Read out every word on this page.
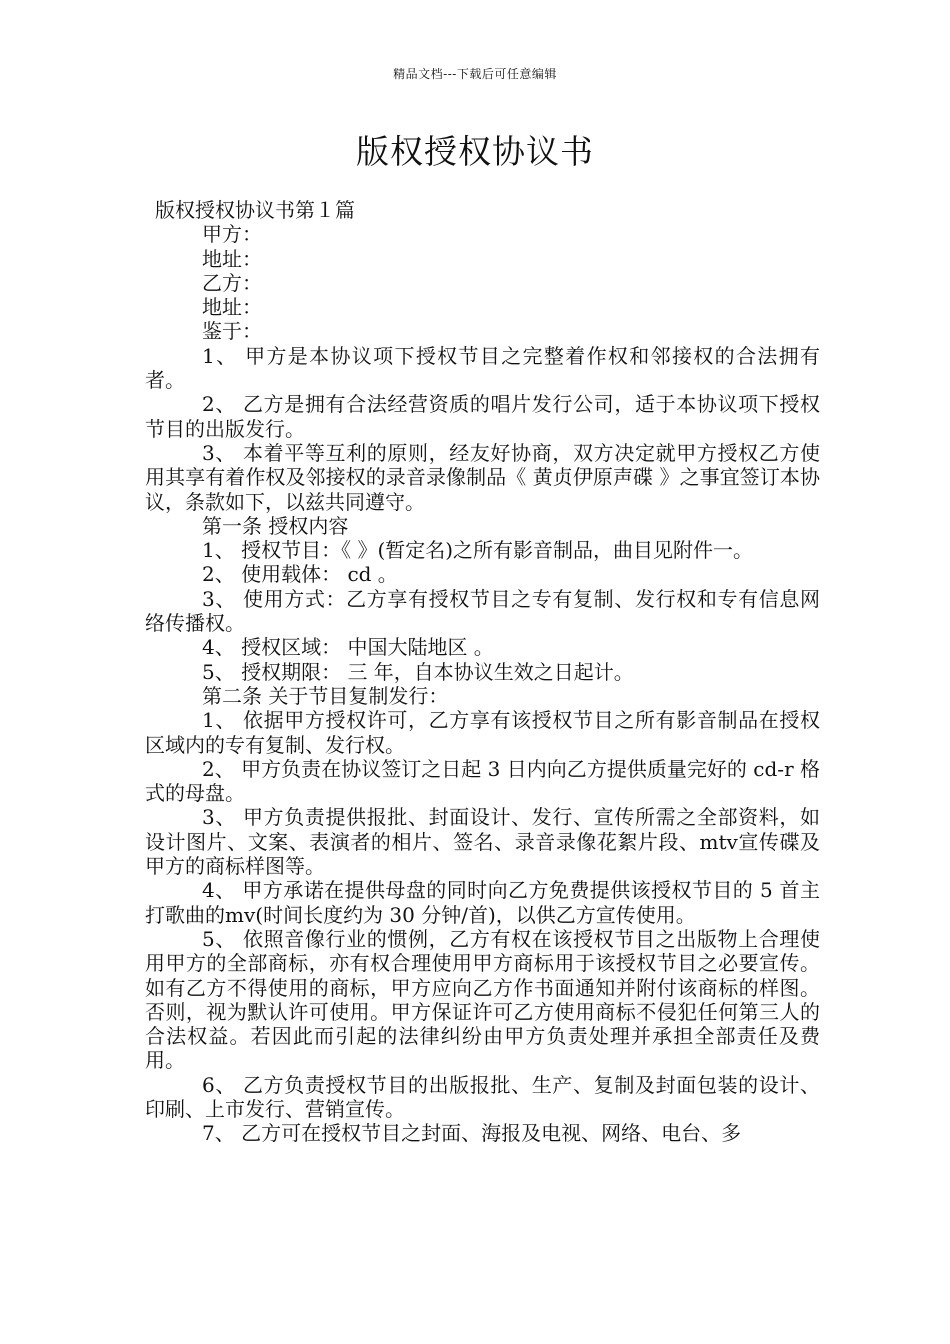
精品文档---下载后可任意编辑
版权授权协议书

版权授权协议书第１篇

甲方：

地址：

乙方：

地址：

鉴于：

1、 甲方是本协议项下授权节目之完整着作权和邻接权的合法拥有者。

2、 乙方是拥有合法经营资质的唱片发行公司，适于本协议项下授权节目的出版发行。

3、 本着平等互利的原则，经友好协商，双方决定就甲方授权乙方使用其享有着作权及邻接权的录音录像制品《 黄贞伊原声碟 》之事宜签订本协议，条款如下，以兹共同遵守。

第一条 授权内容

1、 授权节目：《 》(暂定名)之所有影音制品，曲目见附件一。

2、 使用载体： cd 。

3、 使用方式：乙方享有授权节目之专有复制、发行权和专有信息网络传播权。

4、 授权区域： 中国大陆地区 。

5、 授权期限： 三 年，自本协议生效之日起计。

第二条 关于节目复制发行：

1、 依据甲方授权许可，乙方享有该授权节目之所有影音制品在授权区域内的专有复制、发行权。

2、 甲方负责在协议签订之日起 3 日内向乙方提供质量完好的 cd-r 格式的母盘。

3、 甲方负责提供报批、封面设计、发行、宣传所需之全部资料，如设计图片、文案、表演者的相片、签名、录音录像花絮片段、mtv宣传碟及甲方的商标样图等。

4、 甲方承诺在提供母盘的同时向乙方免费提供该授权节目的 5 首主打歌曲的mv(时间长度约为 30 分钟/首)，以供乙方宣传使用。

5、 依照音像行业的惯例，乙方有权在该授权节目之出版物上合理使用甲方的全部商标，亦有权合理使用甲方商标用于该授权节目之必要宣传。如有乙方不得使用的商标，甲方应向乙方作书面通知并附付该商标的样图。否则，视为默认许可使用。甲方保证许可乙方使用商标不侵犯任何第三人的合法权益。若因此而引起的法律纠纷由甲方负责处理并承担全部责任及费用。

6、 乙方负责授权节目的出版报批、生产、复制及封面包装的设计、印刷、上市发行、营销宣传。

7、 乙方可在授权节目之封面、海报及电视、网络、电台、多
